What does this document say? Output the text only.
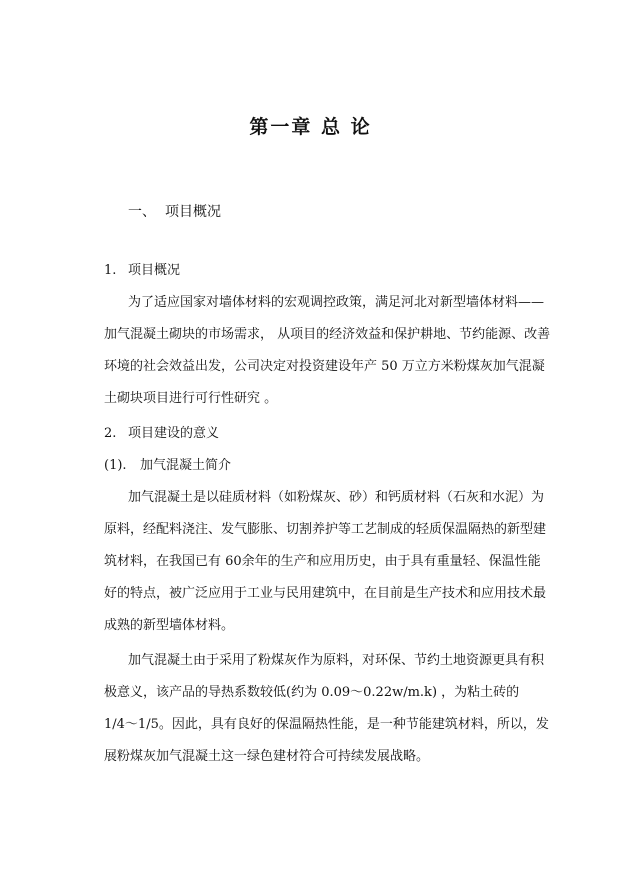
第一章 总 论
一、 项目概况
1. 项目概况
为了适应国家对墙体材料的宏观调控政策，满足河北对新型墙体材料——
加气混凝土砌块的市场需求， 从项目的经济效益和保护耕地、节约能源、改善
环境的社会效益出发，公司决定对投资建设年产 50 万立方米粉煤灰加气混凝
土砌块项目进行可行性研究 。
2. 项目建设的意义
(1). 加气混凝土简介
加气混凝土是以硅质材料（如粉煤灰、砂）和钙质材料（石灰和水泥）为
原料，经配料浇注、发气膨胀、切割养护等工艺制成的轻质保温隔热的新型建
筑材料，在我国已有 60余年的生产和应用历史，由于具有重量轻、保温性能
好的特点，被广泛应用于工业与民用建筑中，在目前是生产技术和应用技术最
成熟的新型墙体材料。
加气混凝土由于采用了粉煤灰作为原料，对环保、节约土地资源更具有积
极意义，该产品的导热系数较低(约为 0.09～0.22w/m.k) ，为粘土砖的
1/4～1/5。因此，具有良好的保温隔热性能，是一种节能建筑材料，所以，发
展粉煤灰加气混凝土这一绿色建材符合可持续发展战略。
